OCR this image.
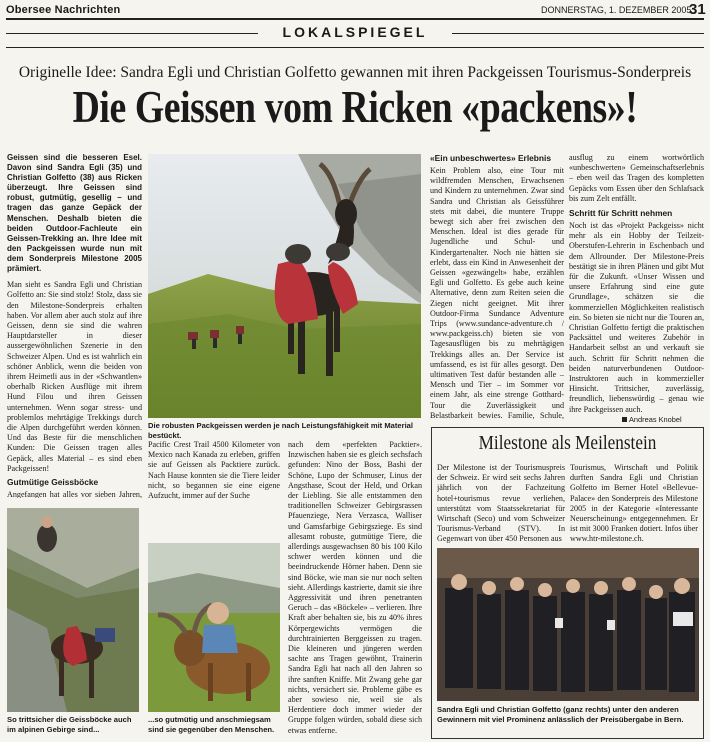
Obersee Nachrichten	DONNERSTAG, 1. DEZEMBER 2005
31
LOKALSPIEGEL
Originelle Idee: Sandra Egli und Christian Golfetto gewannen mit ihren Packgeissen Tourismus-Sonderpreis
Die Geissen vom Ricken «packens»!

Geissen sind die besseren Esel. Davon sind Sandra Egli (35) und Christian Golfetto (38) aus Ricken überzeugt. Ihre Geissen sind robust, gutmütig, gesellig – und tragen das ganze Gepäck der Menschen. Deshalb bieten die beiden Outdoor-Fachleute ein Geissen-Trekking an. Ihre Idee mit den Packgeissen wurde nun mit dem Sonderpreis Milestone 2005 prämiert.

Man sieht es Sandra Egli und Christian Golfetto an: Sie sind stolz! Stolz, dass sie den Milestone-Sonderpreis erhalten haben. Vor allem aber auch stolz auf ihre Geissen, denn sie sind die wahren Hauptdarsteller in dieser aussergewöhnlichen Szenerie in den Schweizer Alpen. Und es ist wahrlich ein schöner Anblick, wenn die beiden von ihrem Heimetli aus in der «Schwantlen» oberhalb Ricken Ausflüge mit ihrem Hund Filou und ihren Geissen unternehmen. Wenn sogar stress- und problemlos mehrtägige Trekkings durch die Alpen durchgeführt werden können. Und das Beste für die menschlichen Kunden: Die Geissen tragen alles Gepäck, alles Material – es sind eben Packgeissen!

Gutmütige Geissböcke

Angefangen hat alles vor sieben Jahren,

Die robusten Packgeissen werden je nach Leistungsfähigkeit mit Material bestückt.

Pacific Crest Trail 4500 Kilometer von Mexico nach Kanada zu erleben, griffen sie auf Geissen als Packtiere zurück. Nach Hause konnten sie die Tiere leider nicht, so begannen sie eine eigene Aufzucht, immer auf der Suche

nach dem «perfekten Packtier». Inzwischen haben sie es gleich sechsfach gefunden: Nino der Boss, Bashi der Schöne, Lupo der Schmuser, Linus der Angsthase, Scout der Held, und Orkan der Liebling. Sie alle entstammen den traditionellen Schweizer Gebirgsrassen Pfauenziege, Nera Verzasca, Walliser und Gamsfarbige Gebirgsziege. Es sind allesamt robuste, gutmütige Tiere, die allerdings ausgewachsen 80 bis 100 Kilo schwer werden können und die beeindruckende Hörner haben. Denn sie sind Böcke, wie man sie nur noch selten sieht. Allerdings kastrierte, damit sie ihre Aggressivität und ihren penetranten Geruch – das «Böckele» – verlieren. Ihre Kraft aber behalten sie, bis zu 40% ihres Körpergewichts vermögen die durchtrainierten Berggeissen zu tragen. Die kleineren und jüngeren werden sachte ans Tragen gewöhnt, Trainerin Sandra Egli hat nach all den Jahren so ihre sanften Kniffe. Mit Zwang gehe gar nichts, versichert sie. Probleme gäbe es aber sowieso nie, weil sie als Herdentiere doch immer wieder der Gruppe folgen würden, sobald diese sich etwas entferne.

«Ein unbeschwertes» Erlebnis

Kein Problem also, eine Tour mit wildfremden Menschen, Erwachsenen und Kindern zu unternehmen. Zwar sind Sandra und Christian als Geissführer stets mit dabei, die muntere Truppe bewegt sich aber frei zwischen den Menschen. Ideal ist dies gerade für Jugendliche und Schul- und Kindergartenalter. Noch nie hätten sie erlebt, dass ein Kind in Anwesenheit der Geissen «gezwängelt» habe, erzählen Egli und Golfetto. Es gebe auch keine Alternative, denn zum Reiten seien die Ziegen nicht geeignet. Mit ihrer Outdoor-Firma Sundance Adventure Trips (www.sundance-adventure.ch / www.packgeiss.ch) bieten sie von Tagesausflügen bis zu mehrtägigen Trekkings alles an. Der Service ist umfassend, es ist für alles gesorgt. Den ultimativen Test dafür bestanden alle – Mensch und Tier – im Sommer vor einem Jahr, als eine strenge Gotthard-Tour die Zuverlässigkeit und Belastbarkeit bewies. Familie, Schule,

ausflug zu einem wortwörtlich «unbeschwerten» Gemeinschaftserlebnis – eben weil das Tragen des kompletten Gepäcks vom Essen über den Schlafsack bis zum Zelt entfällt.

Schritt für Schritt nehmen

Noch ist das «Projekt Packgeiss» nicht mehr als ein Hobby der Teilzeit-Oberstufen-Lehrerin in Eschenbach und dem Allrounder. Der Milestone-Preis bestätigt sie in ihren Plänen und gibt Mut für die Zukunft. «Unser Wissen und unsere Erfahrung sind eine gute Grundlage», schätzen sie die kommerziellen Möglichkeiten realistisch ein. So bieten sie nicht nur die Touren an, Christian Golfetto fertigt die praktischen Packsättel und weiteres Zubehör in Handarbeit selbst an und verkauft sie auch. Schritt für Schritt nehmen die beiden naturverbundenen Outdoor-Instruktoren auch in kommerzieller Hinsicht. Trittsicher, zuverlässig, freundlich, liebenswürdig – genau wie ihre Packgeissen auch.

Andreas Knobel
Milestone als Meilenstein

Der Milestone ist der Tourismuspreis der Schweiz. Er wird seit sechs Jahren jährlich von der Fachzeitung hotel+tourismus revue verliehen, unterstützt vom Staatssekretariat für Wirtschaft (Seco) und vom Schweizer Tourismus-Verband (STV). In Gegenwart von über 450 Personen aus

Tourismus, Wirtschaft und Politik durften Sandra Egli und Christian Golfetto im Berner Hotel «Bellevue-Palace» den Sonderpreis des Milestone 2005 in der Kategorie «Interessante Neuerscheinung» entgegennehmen. Er ist mit 3000 Franken dotiert. Infos über www.htr-milestone.ch.

Sandra Egli und Christian Golfetto (ganz rechts) unter den anderen Gewinnern mit viel Prominenz anlässlich der Preisübergabe in Bern.
So trittsicher die Geissböcke auch im alpinen Gebirge sind...
...so gutmütig und anschmiegsam sind sie gegenüber den Menschen.
